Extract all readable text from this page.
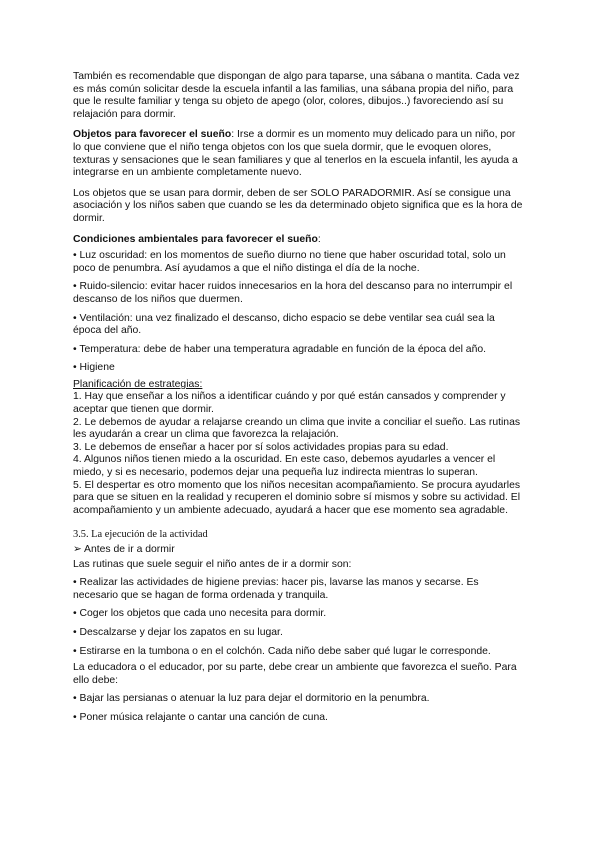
También es recomendable que dispongan de algo para taparse, una sábana o mantita. Cada vez es más común solicitar desde la escuela infantil a las familias, una sábana propia del niño, para que le resulte familiar y tenga su objeto de apego (olor, colores, dibujos..) favoreciendo así su relajación para dormir.

Objetos para favorecer el sueño: Irse a dormir es un momento muy delicado para un niño, por lo que conviene que el niño tenga objetos con los que suela dormir, que le evoquen olores, texturas y sensaciones que le sean familiares y que al tenerlos en la escuela infantil, les ayuda a integrarse en un ambiente completamente nuevo.

Los objetos que se usan para dormir, deben de ser SOLO PARADORMIR. Así se consigue una asociación y los niños saben que cuando se les da determinado objeto significa que es la hora de dormir.

Condiciones ambientales para favorecer el sueño:

• Luz oscuridad: en los momentos de sueño diurno no tiene que haber oscuridad total, solo un poco de penumbra. Así ayudamos a que el niño distinga el día de la noche.

• Ruido-silencio: evitar hacer ruidos innecesarios en la hora del descanso para no interrumpir el descanso de los niños que duermen.

• Ventilación: una vez finalizado el descanso, dicho espacio se debe ventilar sea cuál sea la época del año.

• Temperatura: debe de haber una temperatura agradable en función de la época del año.

• Higiene

Planificación de estrategias:

1. Hay que enseñar a los niños a identificar cuándo y por qué están cansados y comprender y aceptar que tienen que dormir.

2. Le debemos de ayudar a relajarse creando un clima que invite a conciliar el sueño. Las rutinas les ayudarán a crear un clima que favorezca la relajación.

3. Le debemos de enseñar a hacer por sí solos actividades propias para su edad.

4. Algunos niños tienen miedo a la oscuridad. En este caso, debemos ayudarles a vencer el miedo, y si es necesario, podemos dejar una pequeña luz indirecta mientras lo superan.

5. El despertar es otro momento que los niños necesitan acompañamiento. Se procura ayudarles para que se situen en la realidad y recuperen el dominio sobre sí mismos y sobre su actividad. El acompañamiento y un ambiente adecuado, ayudará a hacer que ese momento sea agradable.

3.5. La ejecución de la actividad

➢ Antes de ir a dormir

Las rutinas que suele seguir el niño antes de ir a dormir son:

• Realizar las actividades de higiene previas: hacer pis, lavarse las manos y secarse. Es necesario que se hagan de forma ordenada y tranquila.

• Coger los objetos que cada uno necesita para dormir.

• Descalzarse y dejar los zapatos en su lugar.

• Estirarse en la tumbona o en el colchón. Cada niño debe saber qué lugar le corresponde.

La educadora o el educador, por su parte, debe crear un ambiente que favorezca el sueño. Para ello debe:

• Bajar las persianas o atenuar la luz para dejar el dormitorio en la penumbra.

• Poner música relajante o cantar una canción de cuna.
